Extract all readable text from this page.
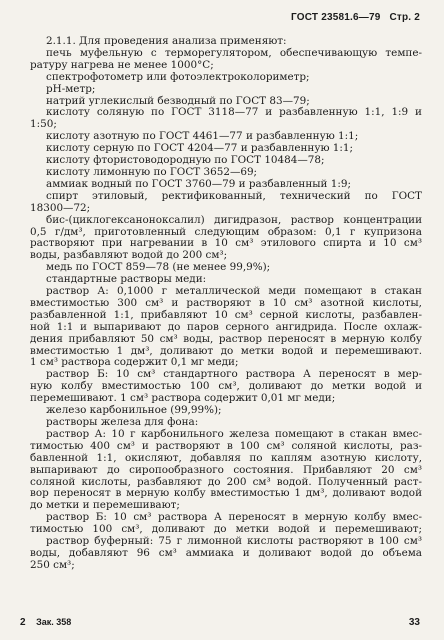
ГОСТ 23581.6—79 Стр. 2
2.1.1. Для проведения анализа применяют:
печь муфельную с терморегулятором, обеспечивающую темпе-
ратуру нагрева не менее 1000°С;
спектрофотометр или фотоэлектроколориметр;
pH-метр;
натрий углекислый безводный по ГОСТ 83—79;
кислоту соляную по ГОСТ 3118—77 и разбавленную 1:1, 1:9 и
1:50;
кислоту азотную по ГОСТ 4461—77 и разбавленную 1:1;
кислоту серную по ГОСТ 4204—77 и разбавленную 1:1;
кислоту фтористоводородную по ГОСТ 10484—78;
кислоту лимонную по ГОСТ 3652—69;
аммиак водный по ГОСТ 3760—79 и разбавленный 1:9;
спирт этиловый, ректификованный, технический по ГОСТ
18300—72;
бис-(циклогексаноноксалил) дигидразон, раствор концентрации
0,5 г/дм³, приготовленный следующим образом: 0,1 г купризона
растворяют при нагревании в 10 см³ этилового спирта и 10 см³
воды, разбавляют водой до 200 см³;
медь по ГОСТ 859—78 (не менее 99,9%);
стандартные растворы меди:
раствор А: 0,1000 г металлической меди помещают в стакан
вместимостью 300 см³ и растворяют в 10 см³ азотной кислоты,
разбавленной 1:1, прибавляют 10 см³ серной кислоты, разбавлен-
ной 1:1 и выпаривают до паров серного ангидрида. После охлаж-
дения прибавляют 50 см³ воды, раствор переносят в мерную колбу
вместимостью 1 дм³, доливают до метки водой и перемешивают.
1 см³ раствора содержит 0,1 мг меди;
раствор Б: 10 см³ стандартного раствора А переносят в мер-
ную колбу вместимостью 100 см³, доливают до метки водой и
перемешивают. 1 см³ раствора содержит 0,01 мг меди;
железо карбонильное (99,99%);
растворы железа для фона:
раствор А: 10 г карбонильного железа помещают в стакан вмес-
тимостью 400 см³ и растворяют в 100 см³ соляной кислоты, раз-
бавленной 1:1, окисляют, добавляя по каплям азотную кислоту,
выпаривают до сиропообразного состояния. Прибавляют 20 см³
соляной кислоты, разбавляют до 200 см³ водой. Полученный раст-
вор переносят в мерную колбу вместимостью 1 дм³, доливают водой
до метки и перемешивают;
раствор Б: 10 см³ раствора А переносят в мерную колбу вмес-
тимостью 100 см³, доливают до метки водой и перемешивают;
раствор буферный: 75 г лимонной кислоты растворяют в 100 см³
воды, добавляют 96 см³ аммиака и доливают водой до объема
250 см³;
2 Зак. 358	33
